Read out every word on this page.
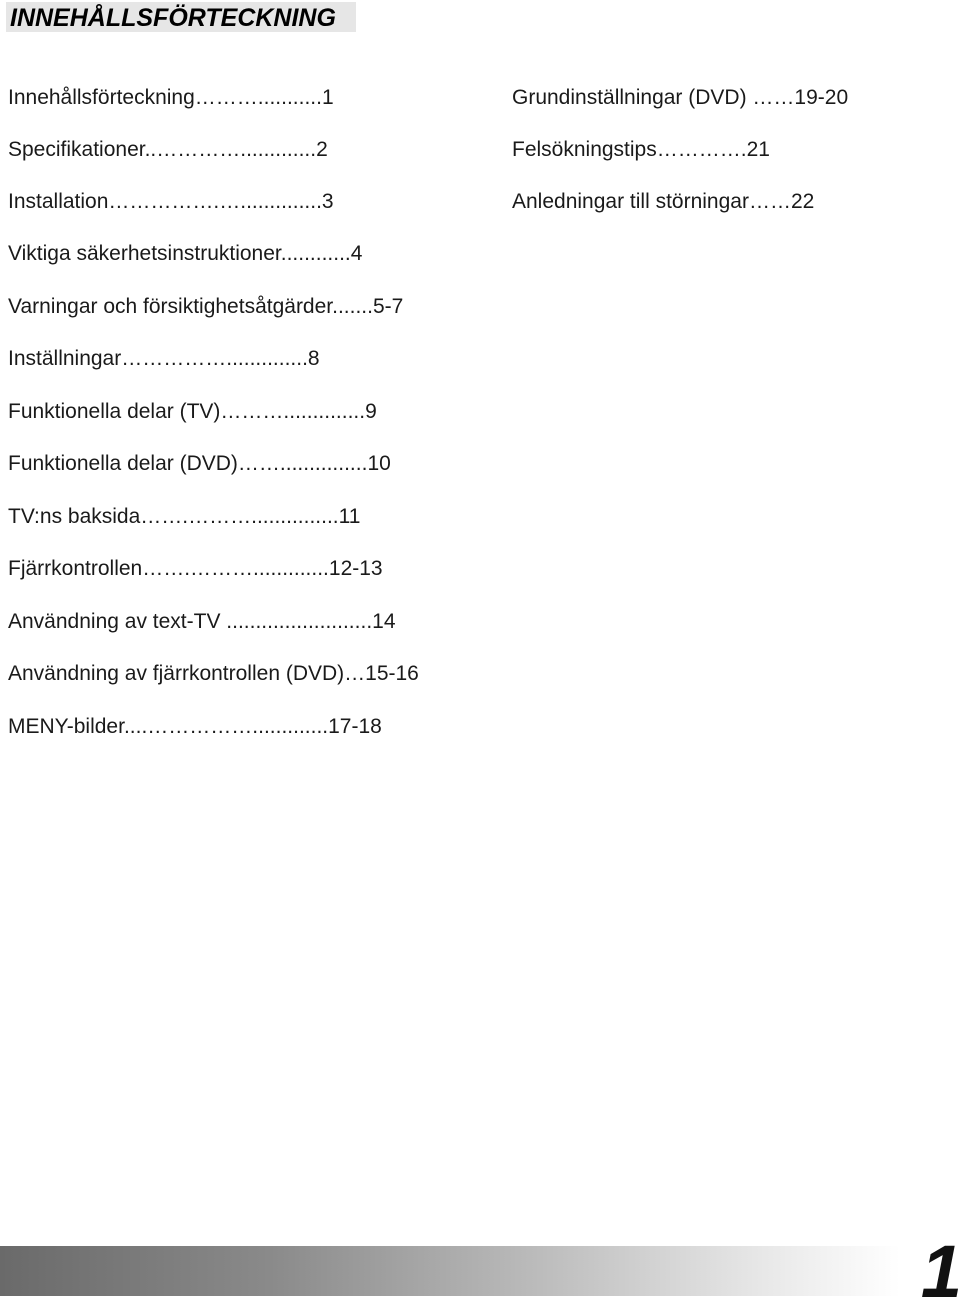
INNEHÅLLSFÖRTECKNING
Innehållsförteckning………...........1
Specifikationer..………….............2
Installation…………….…..............3
Viktiga säkerhetsinstruktioner............4
Varningar och försiktighetsåtgärder.......5-7
Inställningar……………..............8
Funktionella delar (TV)………..............9
Funktionella delar (DVD)……...............10
TV:ns baksida…….………...............11
Fjärrkontrollen…….……….............12-13
Användning av text-TV .........................14
Användning av fjärrkontrollen (DVD)…15-16
MENY-bilder....…………….............17-18
Grundinställningar (DVD) ……19-20
Felsökningstips………….21
Anledningar till störningar……22
1
